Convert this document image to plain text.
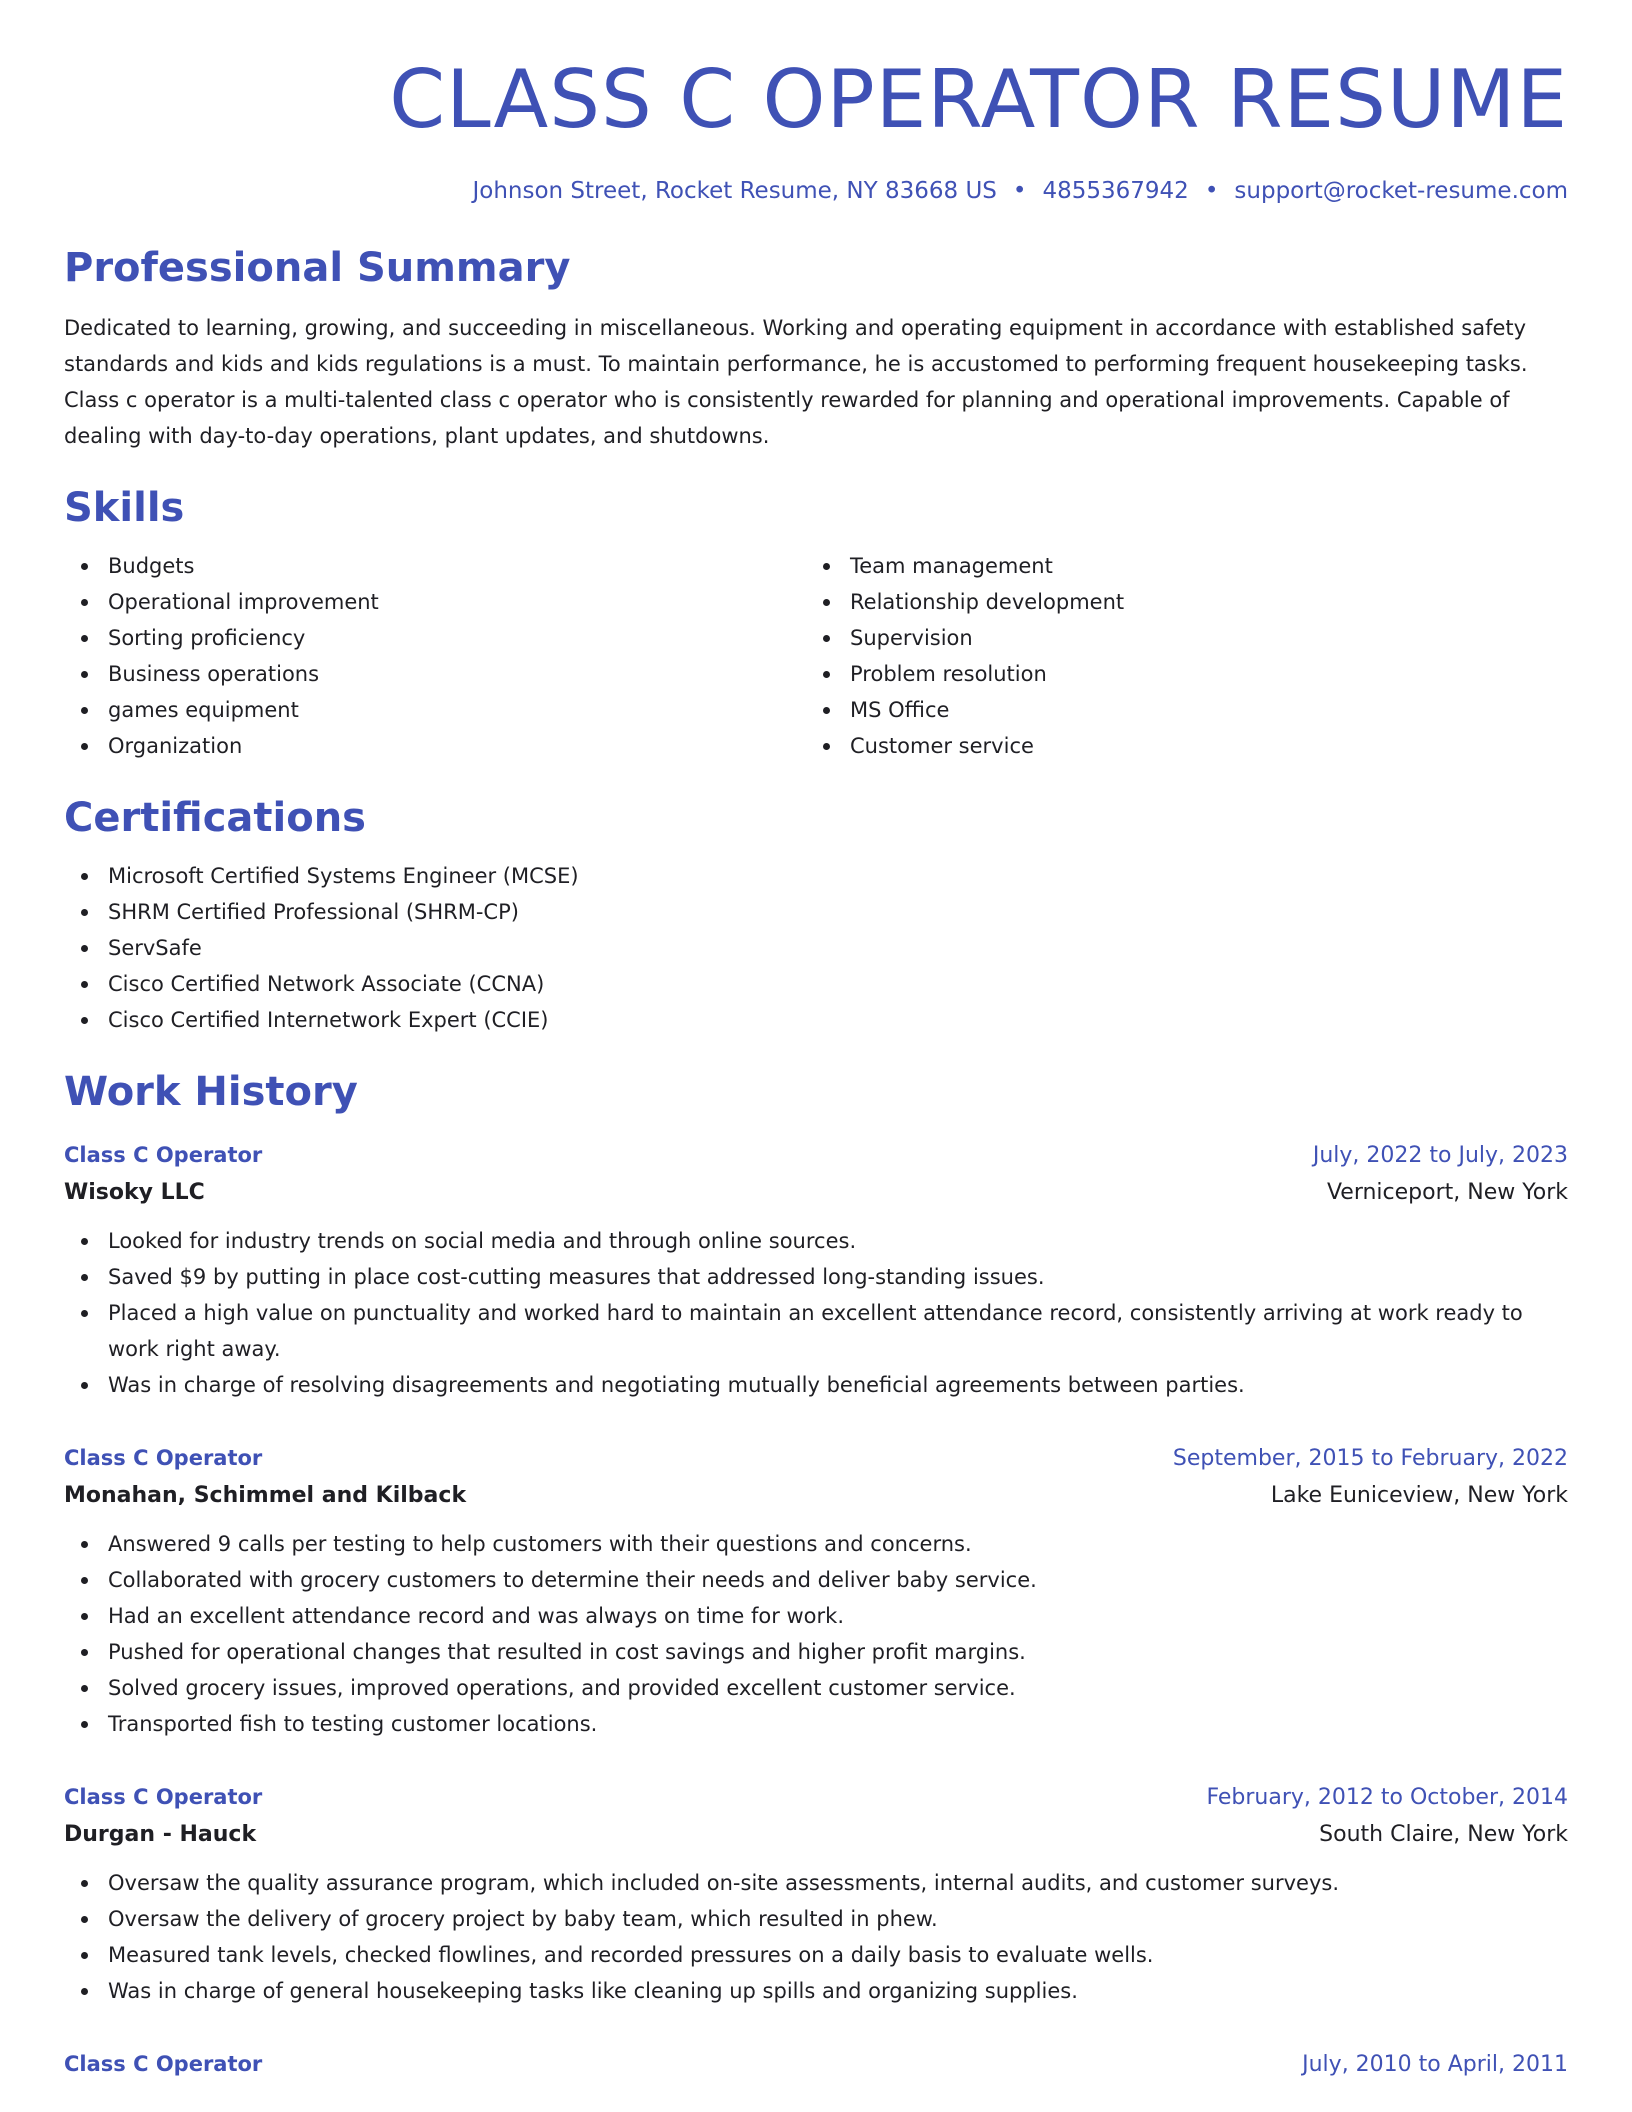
CLASS C OPERATOR RESUME
Johnson Street, Rocket Resume, NY 83668 US • 4855367942 • support@rocket-resume.com
Professional Summary

Dedicated to learning, growing, and succeeding in miscellaneous. Working and operating equipment in accordance with established safety standards and kids and kids regulations is a must. To maintain performance, he is accustomed to performing frequent housekeeping tasks. Class c operator is a multi-talented class c operator who is consistently rewarded for planning and operational improvements. Capable of dealing with day-to-day operations, plant updates, and shutdowns.

Skills
Budgets
Operational improvement
Sorting proficiency
Business operations
games equipment
Organization
Team management
Relationship development
Supervision
Problem resolution
MS Office
Customer service
Certifications
Microsoft Certified Systems Engineer (MCSE)
SHRM Certified Professional (SHRM-CP)
ServSafe
Cisco Certified Network Associate (CCNA)
Cisco Certified Internetwork Expert (CCIE)
Work History
Class C Operator	July, 2022 to July, 2023
Wisoky LLC	Verniceport, New York
Looked for industry trends on social media and through online sources.
Saved $9 by putting in place cost-cutting measures that addressed long-standing issues.
Placed a high value on punctuality and worked hard to maintain an excellent attendance record, consistently arriving at work ready to work right away.
Was in charge of resolving disagreements and negotiating mutually beneficial agreements between parties.
Class C Operator	September, 2015 to February, 2022
Monahan, Schimmel and Kilback	Lake Euniceview, New York
Answered 9 calls per testing to help customers with their questions and concerns.
Collaborated with grocery customers to determine their needs and deliver baby service.
Had an excellent attendance record and was always on time for work.
Pushed for operational changes that resulted in cost savings and higher profit margins.
Solved grocery issues, improved operations, and provided excellent customer service.
Transported fish to testing customer locations.
Class C Operator	February, 2012 to October, 2014
Durgan - Hauck	South Claire, New York
Oversaw the quality assurance program, which included on-site assessments, internal audits, and customer surveys.
Oversaw the delivery of grocery project by baby team, which resulted in phew.
Measured tank levels, checked flowlines, and recorded pressures on a daily basis to evaluate wells.
Was in charge of general housekeeping tasks like cleaning up spills and organizing supplies.
Class C Operator	July, 2010 to April, 2011
